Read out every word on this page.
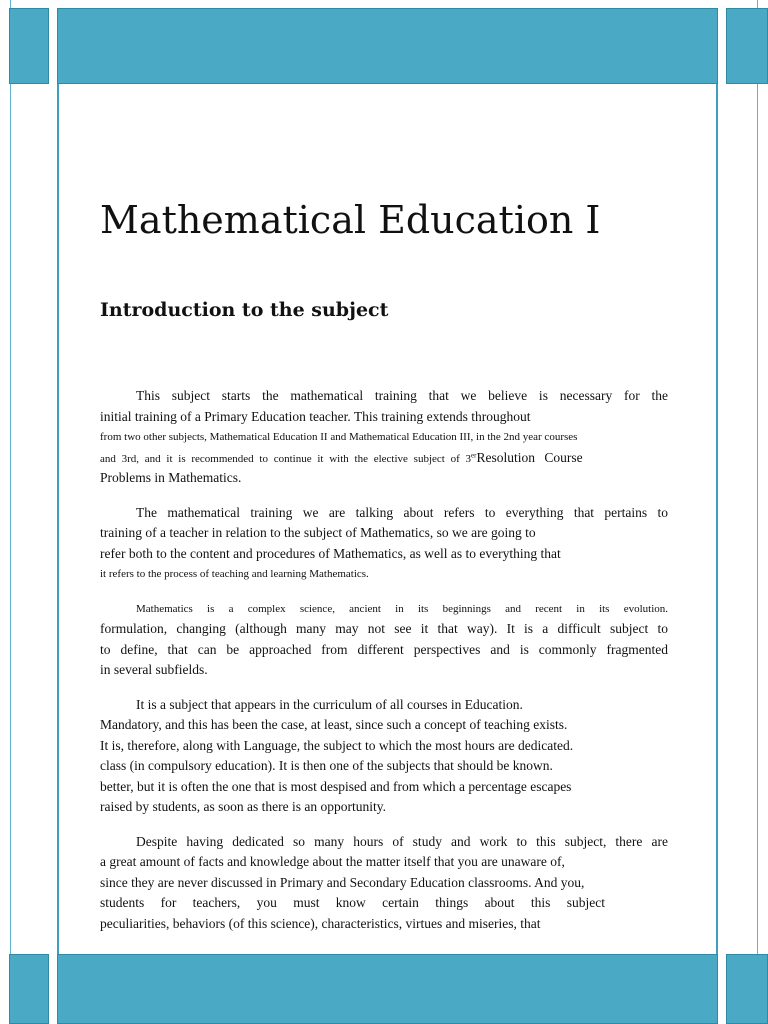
Mathematical Education I
Introduction to the subject
This subject starts the mathematical training that we believe is necessary for the
initial training of a Primary Education teacher. This training extends throughout
from two other subjects, Mathematical Education II and Mathematical Education III, in the 2nd year courses
and 3rd, and it is recommended to continue it with the elective subject of 3erResolution Course
Problems in Mathematics.
The mathematical training we are talking about refers to everything that pertains to
training of a teacher in relation to the subject of Mathematics, so we are going to
refer both to the content and procedures of Mathematics, as well as to everything that
it refers to the process of teaching and learning Mathematics.
Mathematics is a complex science, ancient in its beginnings and recent in its evolution.
formulation, changing (although many may not see it that way). It is a difficult subject to
to define, that can be approached from different perspectives and is commonly fragmented
in several subfields.
It is a subject that appears in the curriculum of all courses in Education.
Mandatory, and this has been the case, at least, since such a concept of teaching exists.
It is, therefore, along with Language, the subject to which the most hours are dedicated.
class (in compulsory education). It is then one of the subjects that should be known.
better, but it is often the one that is most despised and from which a percentage escapes
raised by students, as soon as there is an opportunity.
Despite having dedicated so many hours of study and work to this subject, there are
a great amount of facts and knowledge about the matter itself that you are unaware of,
since they are never discussed in Primary and Secondary Education classrooms. And you,
students for teachers, you must know certain things about this subject
peculiarities, behaviors (of this science), characteristics, virtues and miseries, that
